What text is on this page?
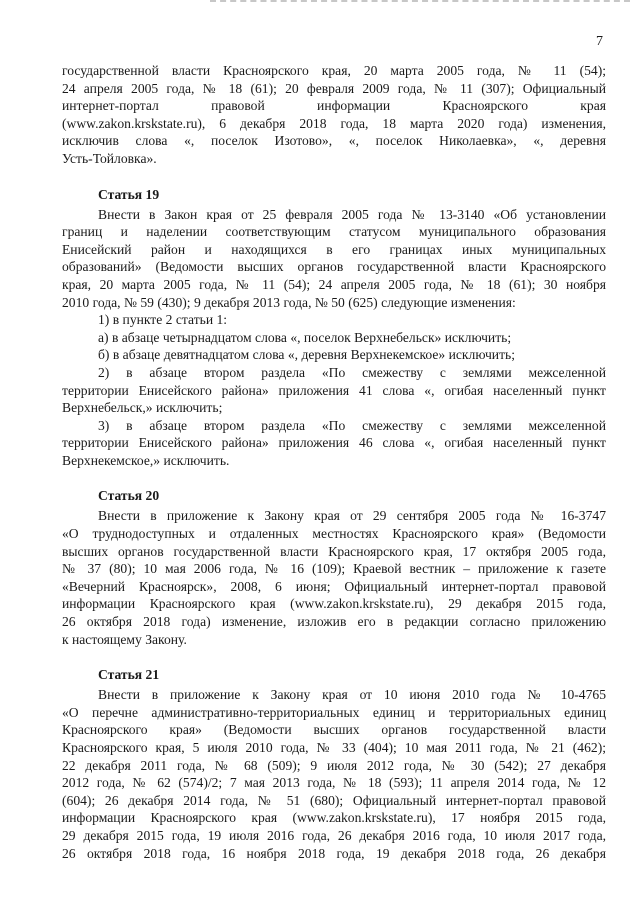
7
государственной власти Красноярского края, 20 марта 2005 года, № 11 (54);
24 апреля 2005 года, № 18 (61); 20 февраля 2009 года, № 11 (307); Официальный
интернет-портал правовой информации Красноярского края
(www.zakon.krskstate.ru), 6 декабря 2018 года, 18 марта 2020 года) изменения,
исключив слова «, поселок Изотово», «, поселок Николаевка», «, деревня
Усть-Тойловка».
Статья 19
Внести в Закон края от 25 февраля 2005 года № 13-3140 «Об установлении
границ и наделении соответствующим статусом муниципального образования
Енисейский район и находящихся в его границах иных муниципальных
образований» (Ведомости высших органов государственной власти Красноярского
края, 20 марта 2005 года, № 11 (54); 24 апреля 2005 года, № 18 (61); 30 ноября
2010 года, № 59 (430); 9 декабря 2013 года, № 50 (625) следующие изменения:
1) в пункте 2 статьи 1:
а) в абзаце четырнадцатом слова «, поселок Верхнебельск» исключить;
б) в абзаце девятнадцатом слова «, деревня Верхнекемское» исключить;
2) в абзаце втором раздела «По смежеству с землями межселенной
территории Енисейского района» приложения 41 слова «, огибая населенный пункт
Верхнебельск,» исключить;
3) в абзаце втором раздела «По смежеству с землями межселенной
территории Енисейского района» приложения 46 слова «, огибая населенный пункт
Верхнекемское,» исключить.
Статья 20
Внести в приложение к Закону края от 29 сентября 2005 года № 16-3747
«О труднодоступных и отдаленных местностях Красноярского края» (Ведомости
высших органов государственной власти Красноярского края, 17 октября 2005 года,
№ 37 (80); 10 мая 2006 года, № 16 (109); Краевой вестник – приложение к газете
«Вечерний Красноярск», 2008, 6 июня; Официальный интернет-портал правовой
информации Красноярского края (www.zakon.krskstate.ru), 29 декабря 2015 года,
26 октября 2018 года) изменение, изложив его в редакции согласно приложению
к настоящему Закону.
Статья 21
Внести в приложение к Закону края от 10 июня 2010 года № 10-4765
«О перечне административно-территориальных единиц и территориальных единиц
Красноярского края» (Ведомости высших органов государственной власти
Красноярского края, 5 июля 2010 года, № 33 (404); 10 мая 2011 года, № 21 (462);
22 декабря 2011 года, № 68 (509); 9 июля 2012 года, № 30 (542); 27 декабря
2012 года, № 62 (574)/2; 7 мая 2013 года, № 18 (593); 11 апреля 2014 года, № 12
(604); 26 декабря 2014 года, № 51 (680); Официальный интернет-портал правовой
информации Красноярского края (www.zakon.krskstate.ru), 17 ноября 2015 года,
29 декабря 2015 года, 19 июля 2016 года, 26 декабря 2016 года, 10 июля 2017 года,
26 октября 2018 года, 16 ноября 2018 года, 19 декабря 2018 года, 26 декабря
